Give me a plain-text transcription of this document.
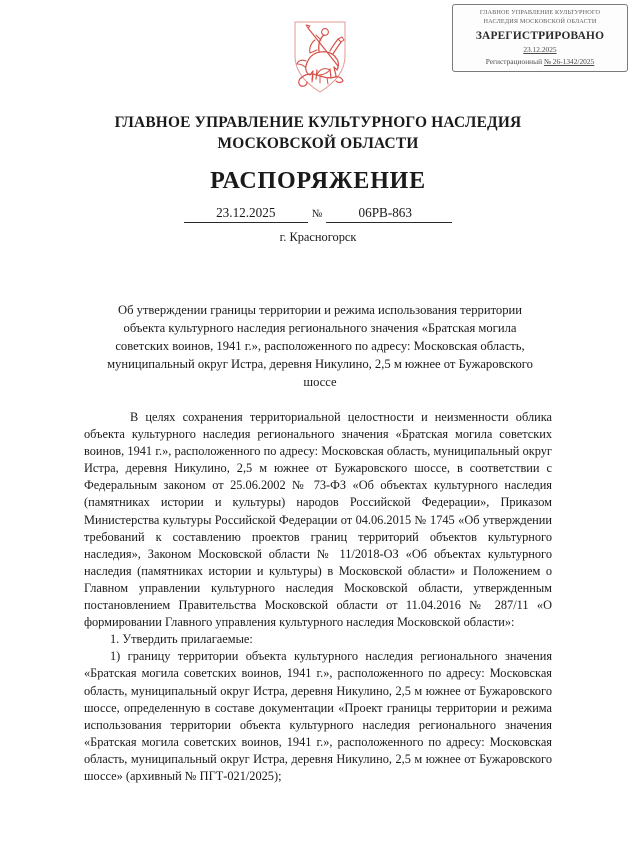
ГЛАВНОЕ УПРАВЛЕНИЕ КУЛЬТУРНОГО
НАСЛЕДИЯ МОСКОВСКОЙ ОБЛАСТИ
ЗАРЕГИСТРИРОВАНО
23.12.2025
Регистрационный № 26-1342/2025
ГЛАВНОЕ УПРАВЛЕНИЕ КУЛЬТУРНОГО НАСЛЕДИЯ МОСКОВСКОЙ ОБЛАСТИ
РАСПОРЯЖЕНИЕ
23.12.2025	№	06РВ-863
г. Красногорск
Об утверждении границы территории и режима использования территории объекта культурного наследия регионального значения «Братская могила советских воинов, 1941 г.», расположенного по адресу: Московская область, муниципальный округ Истра, деревня Никулино, 2,5 м южнее от Бужаровского шоссе

В целях сохранения территориальной целостности и неизменности облика объекта культурного наследия регионального значения «Братская могила советских воинов, 1941 г.», расположенного по адресу: Московская область, муниципальный округ Истра, деревня Никулино, 2,5 м южнее от Бужаровского шоссе, в соответствии с Федеральным законом от 25.06.2002 № 73-ФЗ «Об объектах культурного наследия (памятниках истории и культуры) народов Российской Федерации», Приказом Министерства культуры Российской Федерации от 04.06.2015 № 1745 «Об утверждении требований к составлению проектов границ территорий объектов культурного наследия», Законом Московской области № 11/2018-ОЗ «Об объектах культурного наследия (памятниках истории и культуры) в Московской области» и Положением о Главном управлении культурного наследия Московской области, утвержденным постановлением Правительства Московской области от 11.04.2016 № 287/11 «О формировании Главного управления культурного наследия Московской области»:

1. Утвердить прилагаемые:

1) границу территории объекта культурного наследия регионального значения «Братская могила советских воинов, 1941 г.», расположенного по адресу: Московская область, муниципальный округ Истра, деревня Никулино, 2,5 м южнее от Бужаровского шоссе, определенную в составе документации «Проект границы территории и режима использования территории объекта культурного наследия регионального значения «Братская могила советских воинов, 1941 г.», расположенного по адресу: Московская область, муниципальный округ Истра, деревня Никулино, 2,5 м южнее от Бужаровского шоссе» (архивный № ПГТ-021/2025);
